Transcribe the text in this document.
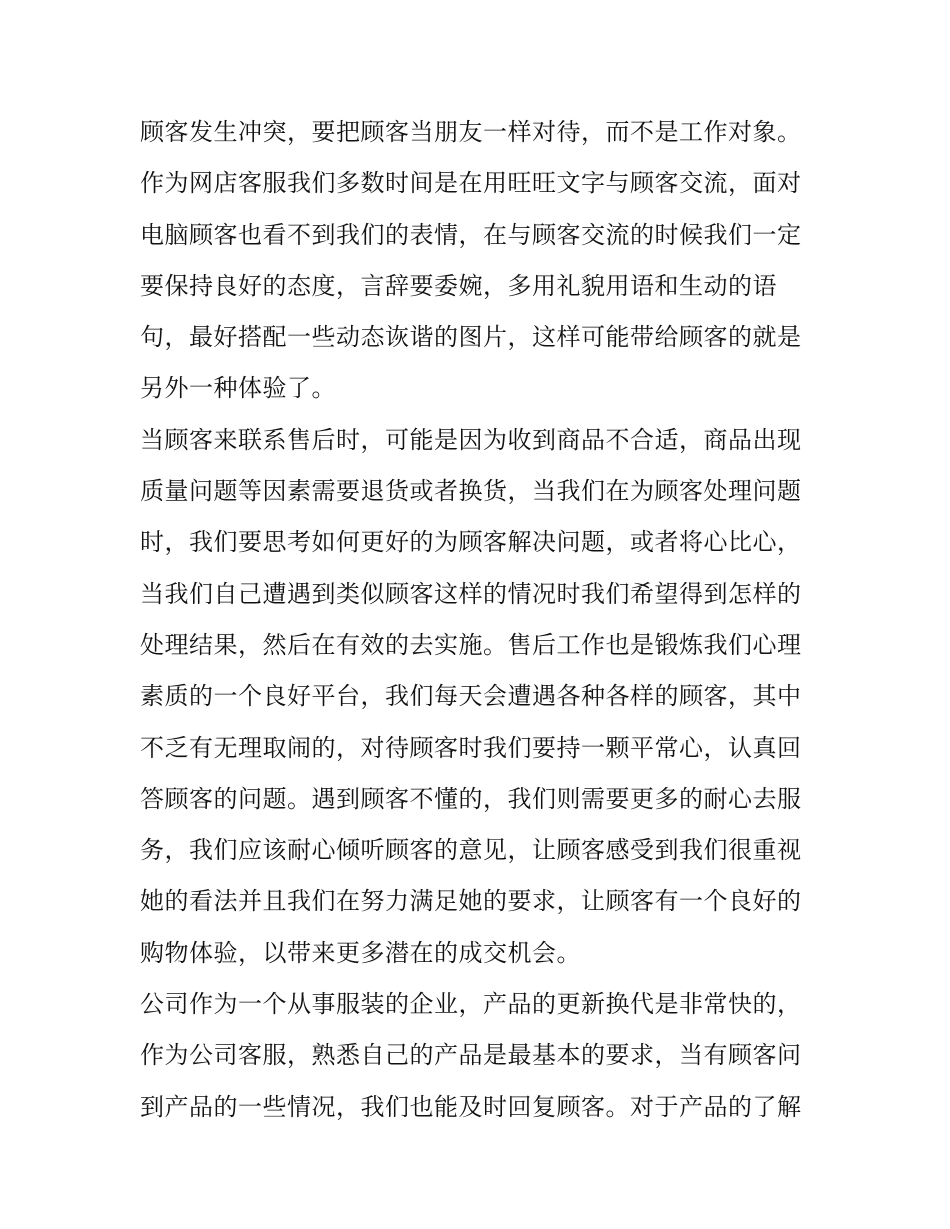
顾客发生冲突，要把顾客当朋友一样对待，而不是工作对象。
作为网店客服我们多数时间是在用旺旺文字与顾客交流，面对
电脑顾客也看不到我们的表情，在与顾客交流的时候我们一定
要保持良好的态度，言辞要委婉，多用礼貌用语和生动的语
句，最好搭配一些动态诙谐的图片，这样可能带给顾客的就是
另外一种体验了。
当顾客来联系售后时，可能是因为收到商品不合适，商品出现
质量问题等因素需要退货或者换货，当我们在为顾客处理问题
时，我们要思考如何更好的为顾客解决问题，或者将心比心，
当我们自己遭遇到类似顾客这样的情况时我们希望得到怎样的
处理结果，然后在有效的去实施。售后工作也是锻炼我们心理
素质的一个良好平台，我们每天会遭遇各种各样的顾客，其中
不乏有无理取闹的，对待顾客时我们要持一颗平常心，认真回
答顾客的问题。遇到顾客不懂的，我们则需要更多的耐心去服
务，我们应该耐心倾听顾客的意见，让顾客感受到我们很重视
她的看法并且我们在努力满足她的要求，让顾客有一个良好的
购物体验，以带来更多潜在的成交机会。
公司作为一个从事服装的企业，产品的更新换代是非常快的，
作为公司客服，熟悉自己的产品是最基本的要求，当有顾客问
到产品的一些情况，我们也能及时回复顾客。对于产品的了解
